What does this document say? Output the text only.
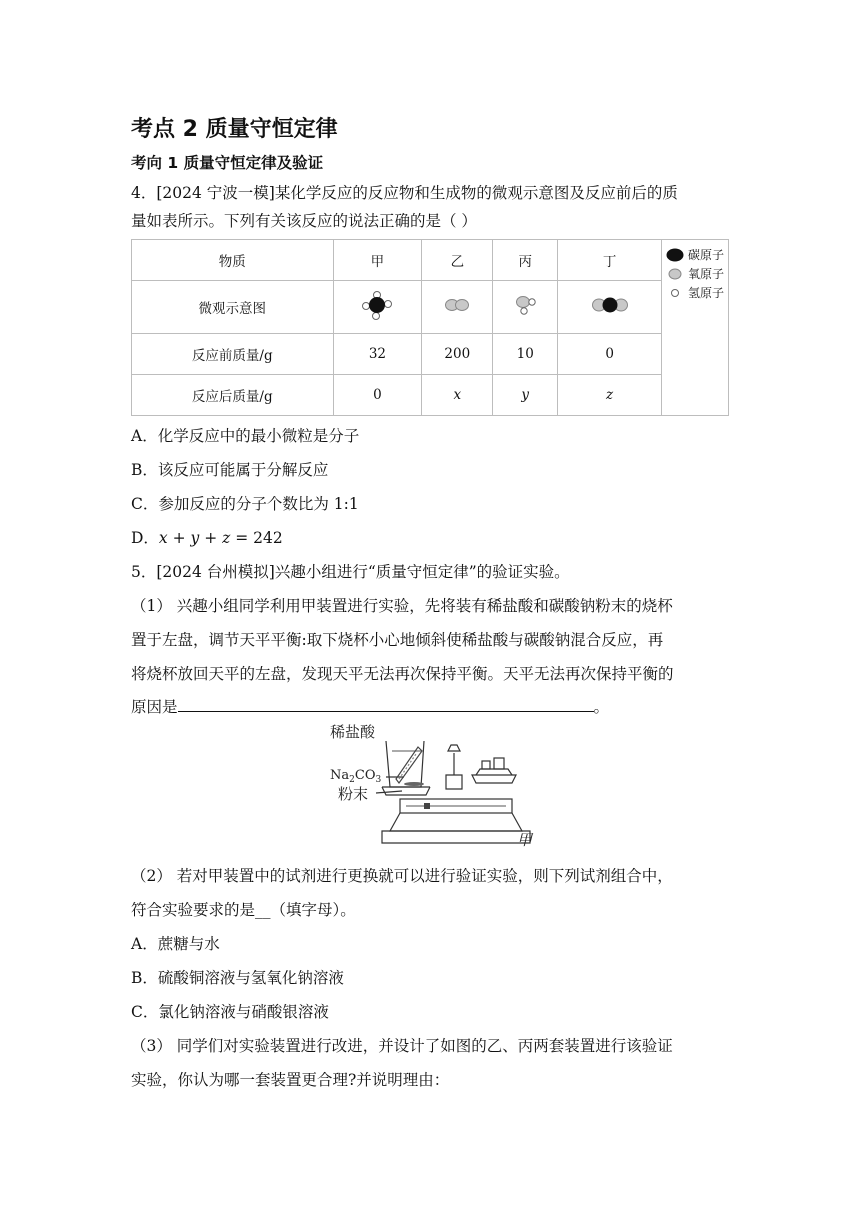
考点 2 质量守恒定律
考向 1 质量守恒定律及验证
4．[2024 宁波一模]某化学反应的反应物和生成物的微观示意图及反应前后的质
量如表所示。下列有关该反应的说法正确的是（ ）
物质	甲	乙	丙	丁	碳原子
氧原子
氢原子

微观示意图				
反应前质量/g	32	200	10	0	
反应后质量/g	0	x	y	z	
A．化学反应中的最小微粒是分子
B．该反应可能属于分解反应
C．参加反应的分子个数比为 1:1
D．𝑥 + 𝑦 + 𝑧 = 242
5．[2024 台州模拟]兴趣小组进行“质量守恒定律”的验证实验。
（1） 兴趣小组同学利用甲装置进行实验，先将装有稀盐酸和碳酸钠粉末的烧杯
置于左盘，调节天平平衡:取下烧杯小心地倾斜使稀盐酸与碳酸钠混合反应，再
将烧杯放回天平的左盘，发现天平无法再次保持平衡。天平无法再次保持平衡的
原因是	。
稀盐酸
$Na_2CO_3$
粉末
甲
（2） 若对甲装置中的试剂进行更换就可以进行验证实验，则下列试剂组合中，
符合实验要求的是__（填字母）。
A．蔗糖与水
B．硫酸铜溶液与氢氧化钠溶液
C．氯化钠溶液与硝酸银溶液
（3） 同学们对实验装置进行改进，并设计了如图的乙、丙两套装置进行该验证
实验，你认为哪一套装置更合理?并说明理由：
